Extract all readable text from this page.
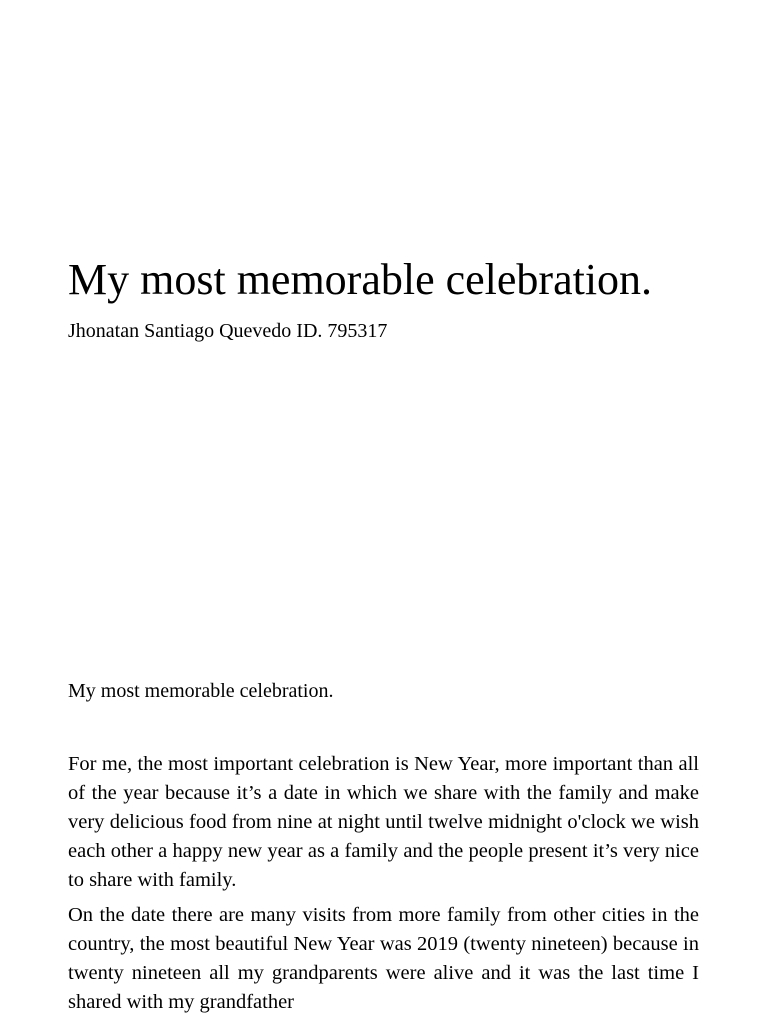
My most memorable celebration.

Jhonatan Santiago Quevedo ID. 795317

My most memorable celebration.

For me, the most important celebration is New Year, more important than all of the year because it’s a date in which we share with the family and make very delicious food from nine at night until twelve midnight o'clock we wish each other a happy new year as a family and the people present it’s very nice to share with family.

On the date there are many visits from more family from other cities in the country, the most beautiful New Year was 2019 (twenty nineteen) because in twenty nineteen all my grandparents were alive and it was the last time I shared with my grandfather
